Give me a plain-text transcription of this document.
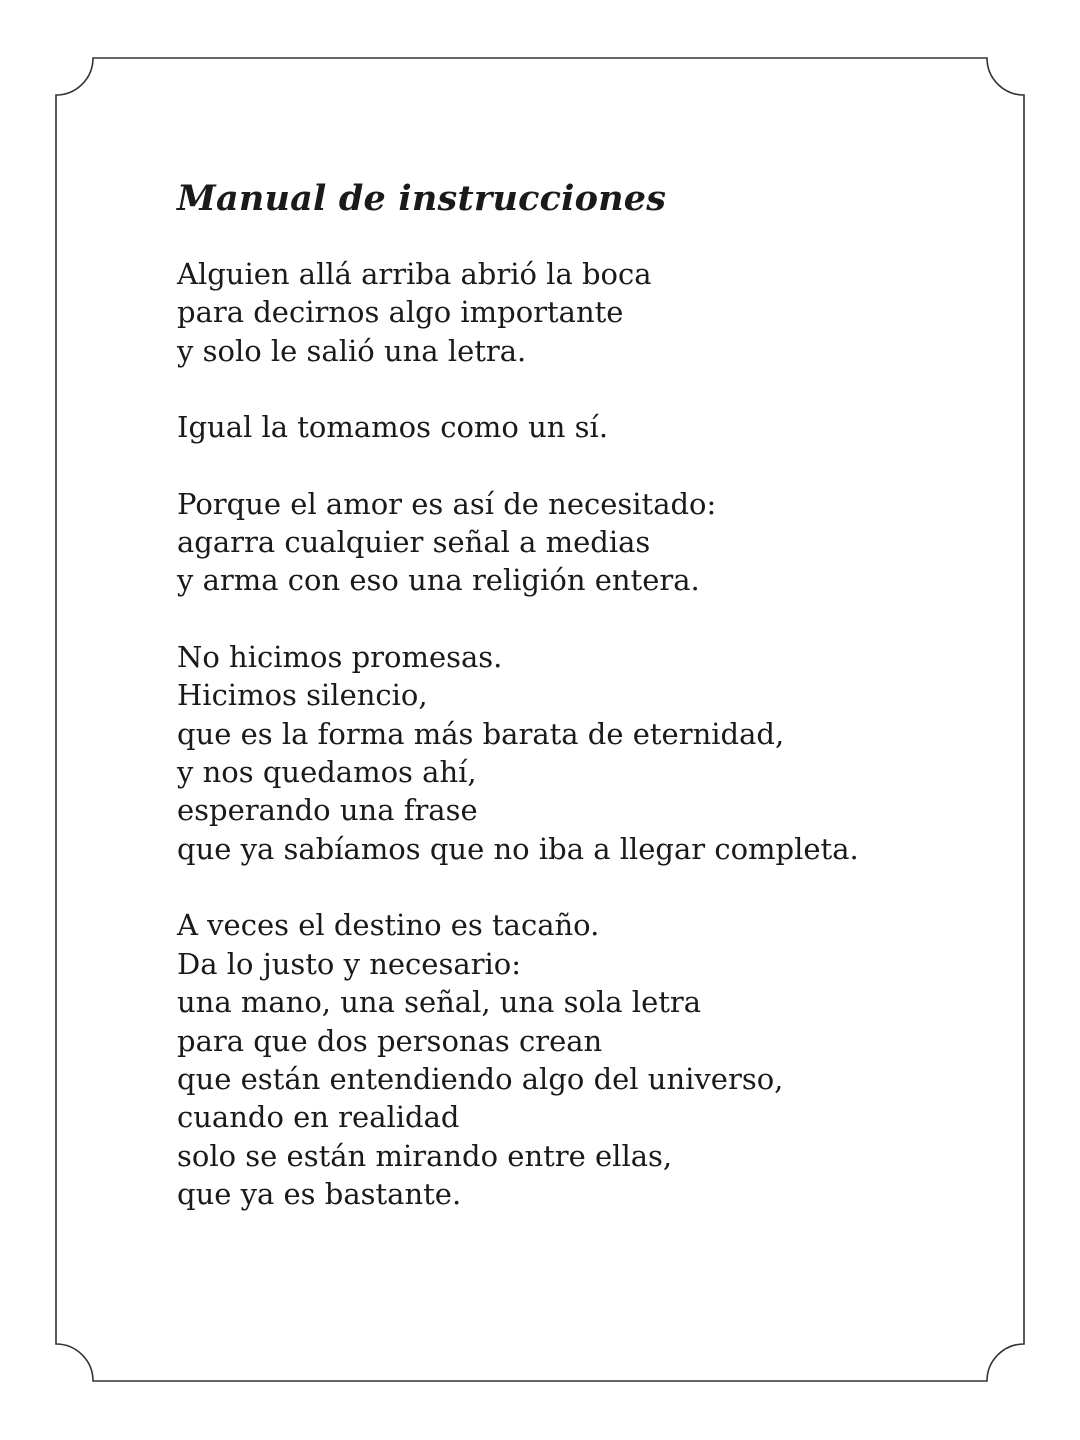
Manual de instrucciones

Alguien allá arriba abrió la boca
para decirnos algo importante
y solo le salió una letra.

Igual la tomamos como un sí.

Porque el amor es así de necesitado:
agarra cualquier señal a medias
y arma con eso una religión entera.

No hicimos promesas.
Hicimos silencio,
que es la forma más barata de eternidad,
y nos quedamos ahí,
esperando una frase
que ya sabíamos que no iba a llegar completa.

A veces el destino es tacaño.
Da lo justo y necesario:
una mano, una señal, una sola letra
para que dos personas crean
que están entendiendo algo del universo,
cuando en realidad
solo se están mirando entre ellas,
que ya es bastante.
